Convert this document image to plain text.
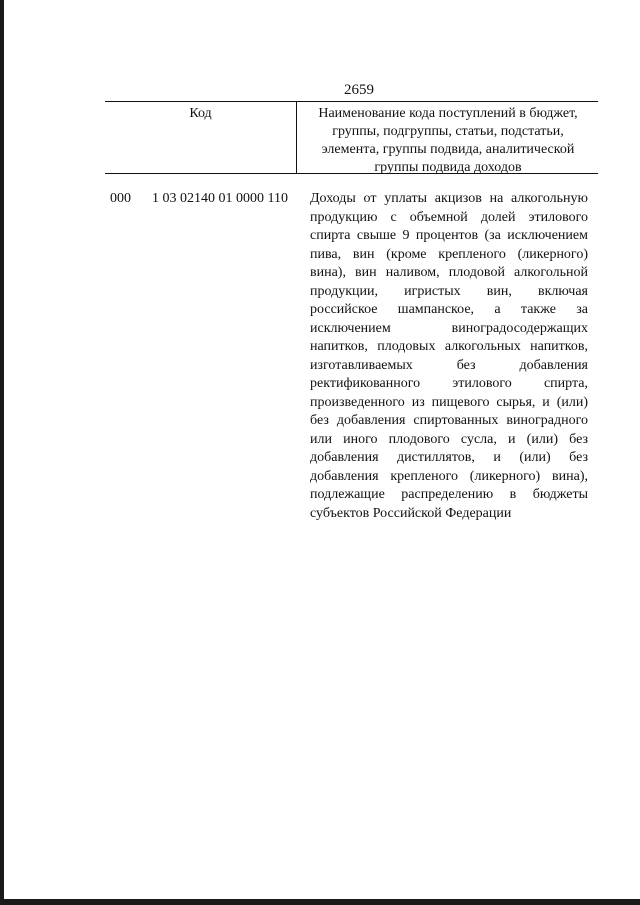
2659
Код	Наименование кода поступлений в бюджет, группы, подгруппы, статьи, подстатьи, элемента, группы подвида, аналитической группы подвида доходов
000	1 03 02140 01 0000 110	Доходы от уплаты акцизов на алкогольную продукцию с объемной долей этилового спирта свыше 9 процентов (за исключением пива, вин (кроме крепленого (ликерного) вина), вин наливом, плодовой алкогольной продукции, игристых вин, включая российское шампанское, а также за исключением виноградосодержащих напитков, плодовых алкогольных напитков, изготавливаемых без добавления ректификованного этилового спирта, произведенного из пищевого сырья, и (или) без добавления спиртованных виноградного или иного плодового сусла, и (или) без добавления дистиллятов, и (или) без добавления крепленого (ликерного) вина), подлежащие распределению в бюджеты субъектов Российской Федерации
